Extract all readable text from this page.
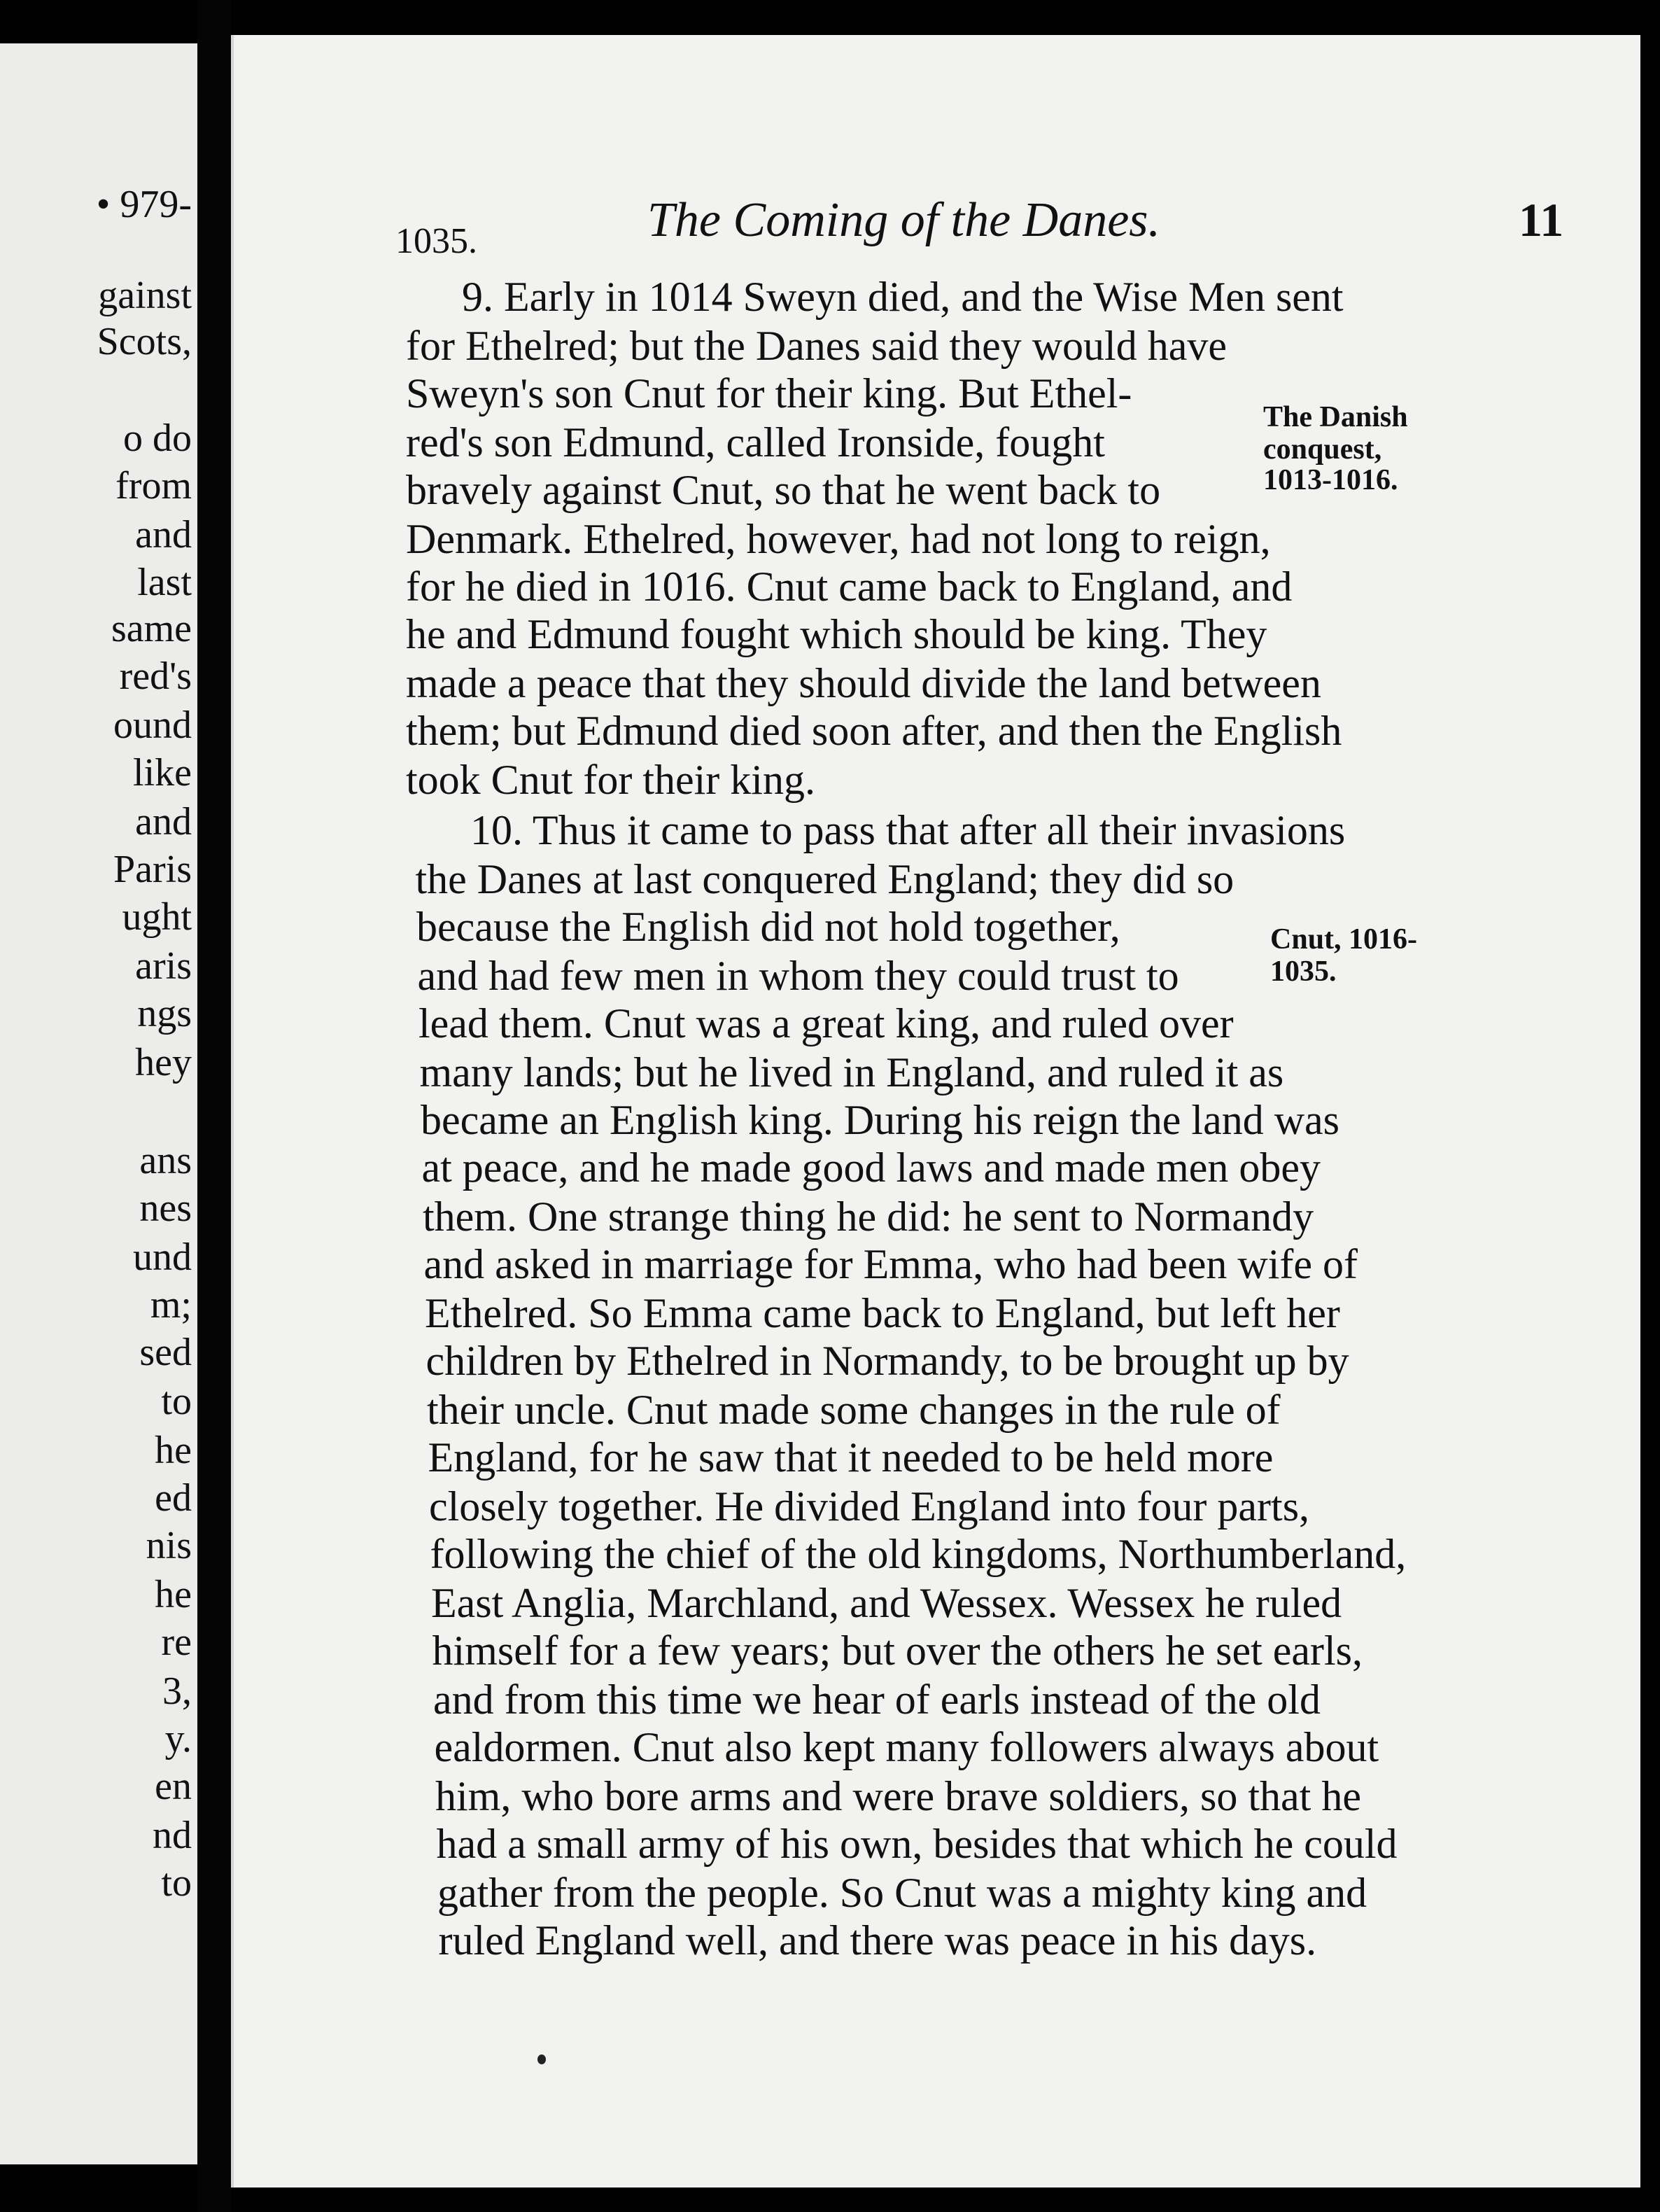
• 979-
gainst
Scots,
o do
from
and
last
same
red's
ound
like
and
Paris
ught
aris
ngs
hey
ans
nes
und
m;
sed
to
he
ed
nis
he
re
3,
y.
en
nd
to
1035.	The Coming of the Danes.	11
9. Early in 1014 Sweyn died, and the Wise Men sent
for Ethelred; but the Danes said they would have
Sweyn's son Cnut for their king. But Ethel-
red's son Edmund, called Ironside, fought
bravely against Cnut, so that he went back to
Denmark. Ethelred, however, had not long to reign,
for he died in 1016. Cnut came back to England, and
he and Edmund fought which should be king. They
made a peace that they should divide the land between
them; but Edmund died soon after, and then the English
took Cnut for their king.
10. Thus it came to pass that after all their invasions
the Danes at last conquered England; they did so
because the English did not hold together,
and had few men in whom they could trust to
lead them. Cnut was a great king, and ruled over
many lands; but he lived in England, and ruled it as
became an English king. During his reign the land was
at peace, and he made good laws and made men obey
them. One strange thing he did: he sent to Normandy
and asked in marriage for Emma, who had been wife of
Ethelred. So Emma came back to England, but left her
children by Ethelred in Normandy, to be brought up by
their uncle. Cnut made some changes in the rule of
England, for he saw that it needed to be held more
closely together. He divided England into four parts,
following the chief of the old kingdoms, Northumberland,
East Anglia, Marchland, and Wessex. Wessex he ruled
himself for a few years; but over the others he set earls,
and from this time we hear of earls instead of the old
ealdormen. Cnut also kept many followers always about
him, who bore arms and were brave soldiers, so that he
had a small army of his own, besides that which he could
gather from the people. So Cnut was a mighty king and
ruled England well, and there was peace in his days.
The Danish
conquest,
1013-1016.
Cnut, 1016-
1035.
